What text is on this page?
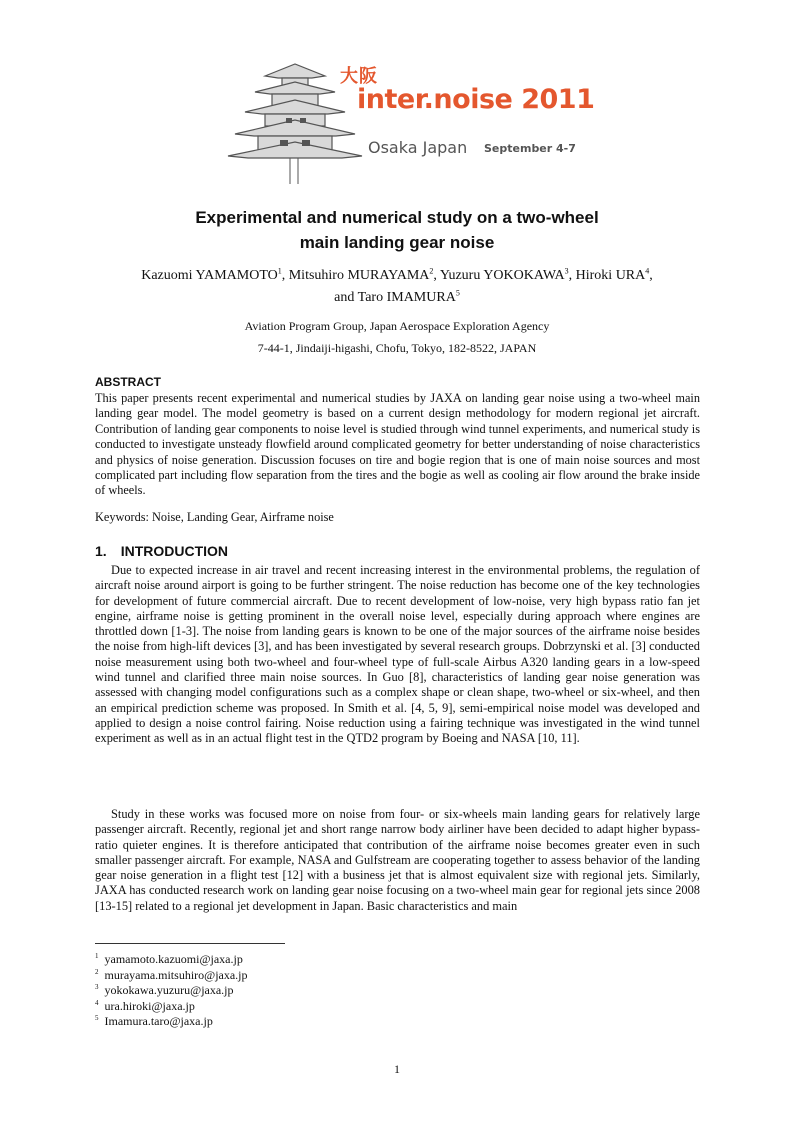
大阪
inter.noise 2011
Osaka Japan September 4-7
Experimental and numerical study on a two-wheel
main landing gear noise
Kazuomi YAMAMOTO$^1$, Mitsuhiro MURAYAMA$^2$, Yuzuru YOKOKAWA$^3$, Hiroki URA$^4$,
and Taro IMAMURA$^5$
Aviation Program Group, Japan Aerospace Exploration Agency
7-44-1, Jindaiji-higashi, Chofu, Tokyo, 182-8522, JAPAN
ABSTRACT

This paper presents recent experimental and numerical studies by JAXA on landing gear noise using a two-wheel main landing gear model. The model geometry is based on a current design methodology for modern regional jet aircraft. Contribution of landing gear components to noise level is studied through wind tunnel experiments, and numerical study is conducted to investigate unsteady flowfield around complicated geometry for better understanding of noise characteristics and physics of noise generation. Discussion focuses on tire and bogie region that is one of main noise sources and most complicated part including flow separation from the tires and the bogie as well as cooling air flow around the brake inside of wheels.

Keywords: Noise, Landing Gear, Airframe noise
1. INTRODUCTION

Due to expected increase in air travel and recent increasing interest in the environmental problems, the regulation of aircraft noise around airport is going to be further stringent. The noise reduction has become one of the key technologies for development of future commercial aircraft. Due to recent development of low-noise, very high bypass ratio fan jet engine, airframe noise is getting prominent in the overall noise level, especially during approach where engines are throttled down [1-3]. The noise from landing gears is known to be one of the major sources of the airframe noise besides the noise from high-lift devices [3], and has been investigated by several research groups. Dobrzynski et al. [3] conducted noise measurement using both two-wheel and four-wheel type of full-scale Airbus A320 landing gears in a low-speed wind tunnel and clarified three main noise sources. In Guo [8], characteristics of landing gear noise generation was assessed with changing model configurations such as a complex shape or clean shape, two-wheel or six-wheel, and then an empirical prediction scheme was proposed. In Smith et al. [4, 5, 9], semi-empirical noise model was developed and applied to design a noise control fairing. Noise reduction using a fairing technique was investigated in the wind tunnel experiment as well as in an actual flight test in the QTD2 program by Boeing and NASA [10, 11].

Study in these works was focused more on noise from four- or six-wheels main landing gears for relatively large passenger aircraft. Recently, regional jet and short range narrow body airliner have been decided to adapt higher bypass-ratio quieter engines. It is therefore anticipated that contribution of the airframe noise becomes greater even in such smaller passenger aircraft. For example, NASA and Gulfstream are cooperating together to assess behavior of the landing gear noise generation in a flight test [12] with a business jet that is almost equivalent size with regional jets. Similarly, JAXA has conducted research work on landing gear noise focusing on a two-wheel main gear for regional jets since 2008 [13-15] related to a regional jet development in Japan. Basic characteristics and main

$^1$ yamamoto.kazuomi@jaxa.jp
$^2$ murayama.mitsuhiro@jaxa.jp
$^3$ yokokawa.yuzuru@jaxa.jp
$^4$ ura.hiroki@jaxa.jp
$^5$ Imamura.taro@jaxa.jp
1
